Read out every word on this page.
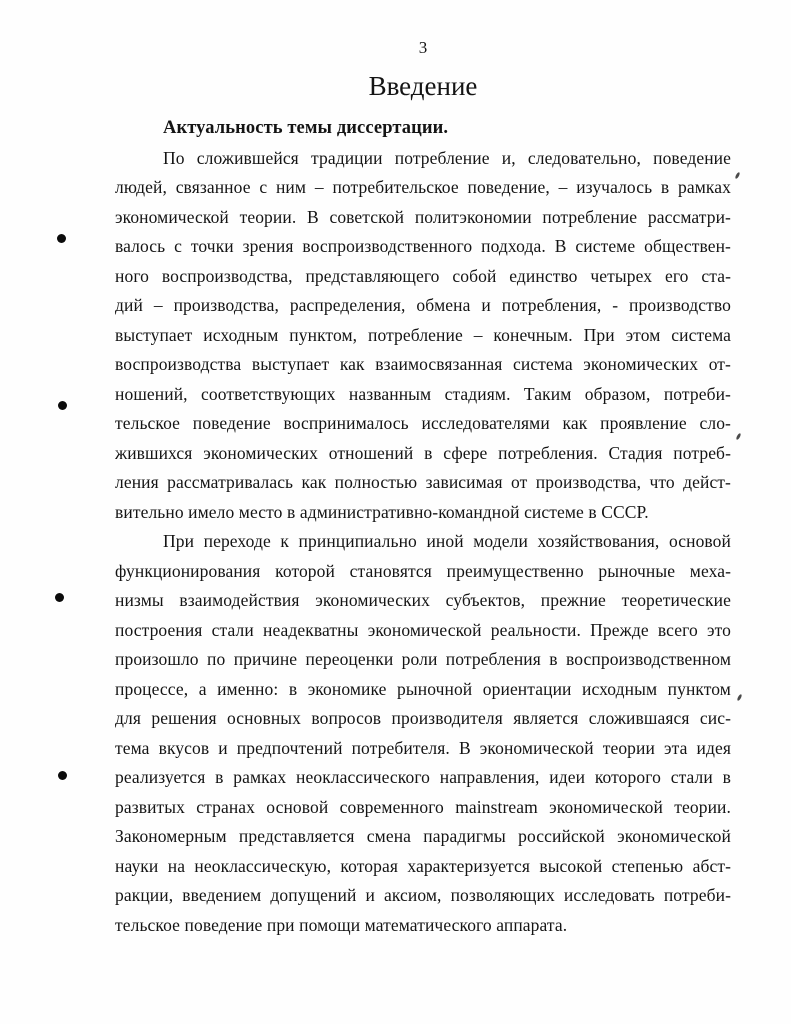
3
Введение
Актуальность темы диссертации.
По сложившейся традиции потребление и, следовательно, поведение
людей, связанное с ним – потребительское поведение, – изучалось в рамках
экономической теории. В советской политэкономии потребление рассматри-
валось с точки зрения воспроизводственного подхода. В системе обществен-
ного воспроизводства, представляющего собой единство четырех его ста-
дий – производства, распределения, обмена и потребления, - производство
выступает исходным пунктом, потребление – конечным. При этом система
воспроизводства выступает как взаимосвязанная система экономических от-
ношений, соответствующих названным стадиям. Таким образом, потреби-
тельское поведение воспринималось исследователями как проявление сло-
жившихся экономических отношений в сфере потребления. Стадия потреб-
ления рассматривалась как полностью зависимая от производства, что дейст-
вительно имело место в административно-командной системе в СССР.
При переходе к принципиально иной модели хозяйствования, основой
функционирования которой становятся преимущественно рыночные меха-
низмы взаимодействия экономических субъектов, прежние теоретические
построения стали неадекватны экономической реальности. Прежде всего это
произошло по причине переоценки роли потребления в воспроизводственном
процессе, а именно: в экономике рыночной ориентации исходным пунктом
для решения основных вопросов производителя является сложившаяся сис-
тема вкусов и предпочтений потребителя. В экономической теории эта идея
реализуется в рамках неоклассического направления, идеи которого стали в
развитых странах основой современного mainstream экономической теории.
Закономерным представляется смена парадигмы российской экономической
науки на неоклассическую, которая характеризуется высокой степенью абст-
ракции, введением допущений и аксиом, позволяющих исследовать потреби-
тельское поведение при помощи математического аппарата.
